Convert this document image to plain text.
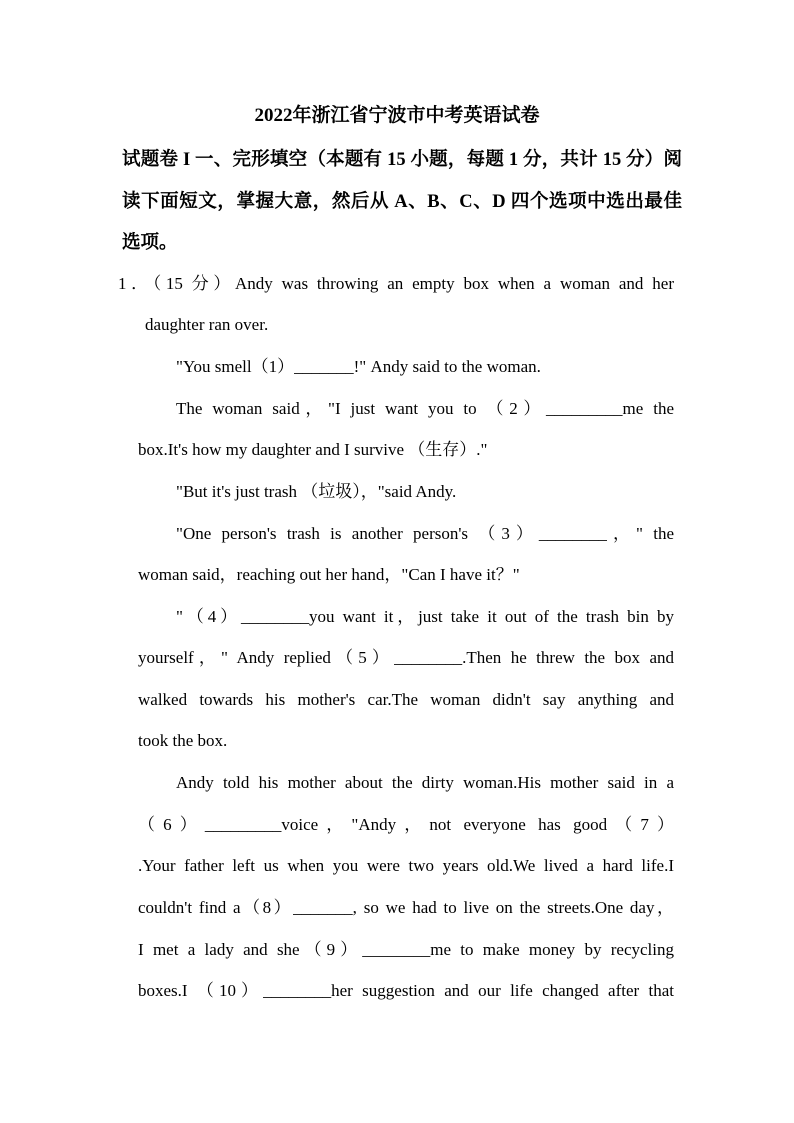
2022年浙江省宁波市中考英语试卷
试题卷 I 一、完形填空（本题有 15 小题，每题 1 分，共计 15 分）阅
读下面短文，掌握大意，然后从 A、B、C、D 四个选项中选出最佳
选项。
1．（15 分）Andy was throwing an empty box when a woman and her
daughter ran over.
"You smell（1）_______!" Andy said to the woman.
The woman said，"I just want you to （2）_________me the
box.It's how my daughter and I survive （生存）."
"But it's just trash （垃圾），"said Andy.
"One person's trash is another person's （3）________，" the
woman said，reaching out her hand，"Can I have it？"
"（4）________you want it，just take it out of the trash bin by
yourself，" Andy replied（5）________.Then he threw the box and
walked towards his mother's car.The woman didn't say anything and
took the box.
Andy told his mother about the dirty woman.His mother said in a
（6）_________voice，"Andy，not everyone has good（7）
.Your father left us when you were two years old.We lived a hard life.I
couldn't find a（8）_______, so we had to live on the streets.One day，
I met a lady and she（9）________me to make money by recycling
boxes.I （10）________her suggestion and our life changed after that
